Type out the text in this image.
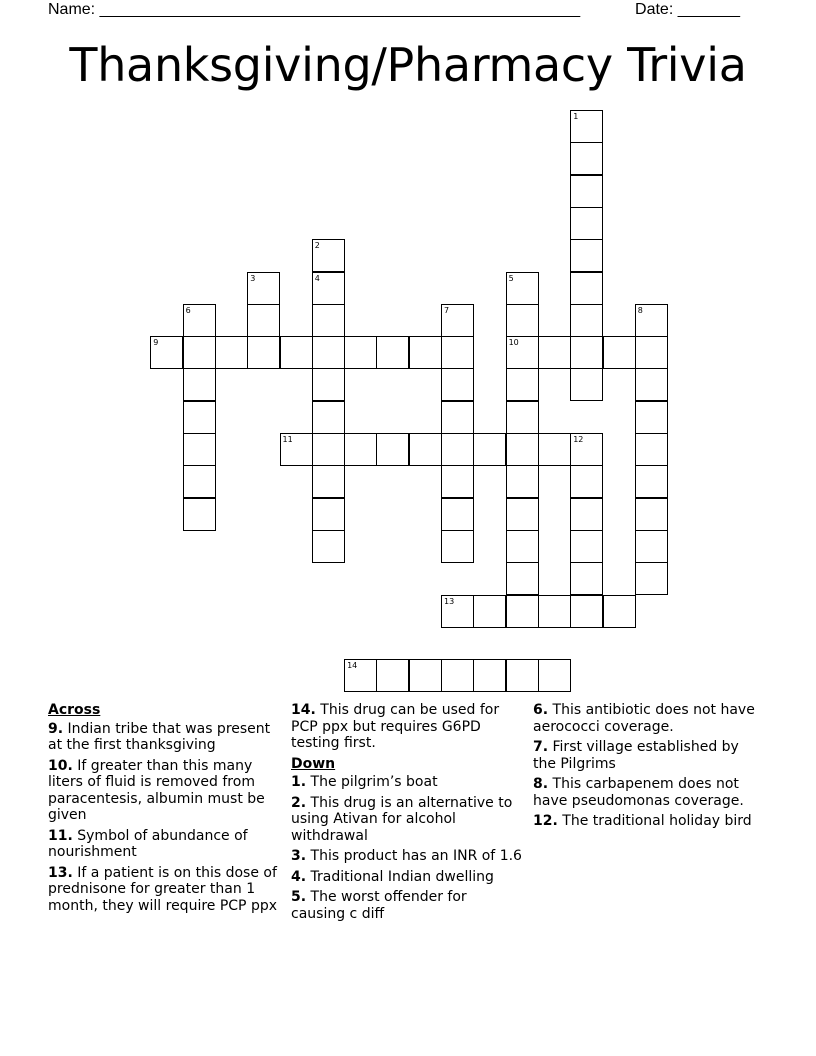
Name: ______________________________________________________	Date: _______
Thanksgiving/Pharmacy Trivia
1
2
4
3	5
10
6	7	8
9
11	12
13
14
Across
9. Indian tribe that was present at the first thanksgiving
10. If greater than this many liters of fluid is removed from paracentesis, albumin must be given
11. Symbol of abundance of nourishment
13. If a patient is on this dose of prednisone for greater than 1 month, they will require PCP ppx
14. This drug can be used for PCP ppx but requires G6PD testing first.
Down
1. The pilgrim’s boat
2. This drug is an alternative to using Ativan for alcohol withdrawal
3. This product has an INR of 1.6
4. Traditional Indian dwelling
5. The worst offender for causing c diff
6. This antibiotic does not have aerococci coverage.
7. First village established by the Pilgrims
8. This carbapenem does not have pseudomonas coverage.
12. The traditional holiday bird
